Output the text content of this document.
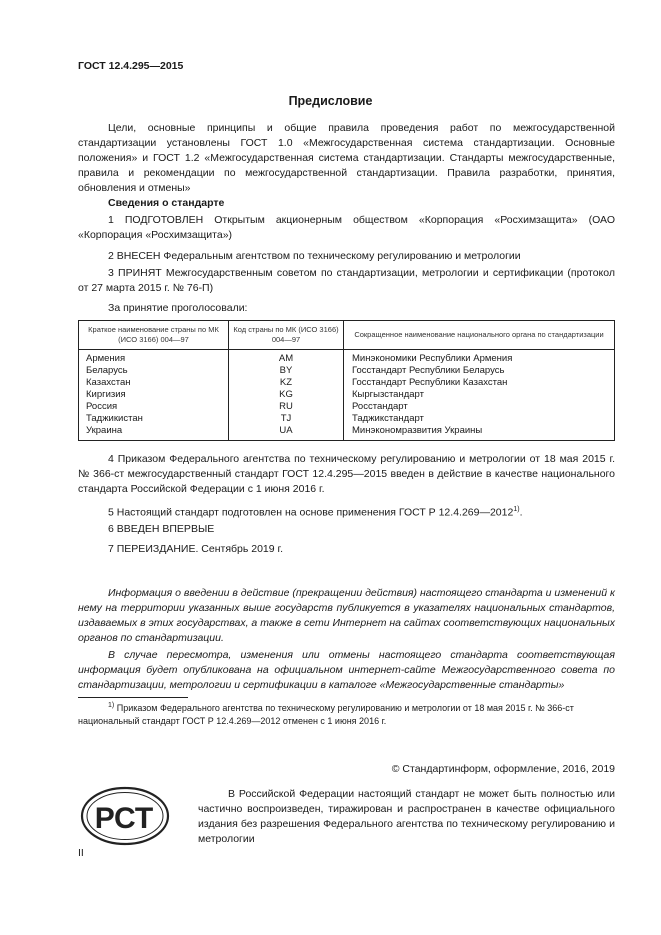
ГОСТ 12.4.295—2015
Предисловие
Цели, основные принципы и общие правила проведения работ по межгосударственной стандартизации установлены ГОСТ 1.0 «Межгосударственная система стандартизации. Основные положения» и ГОСТ 1.2 «Межгосударственная система стандартизации. Стандарты межгосударственные, правила и рекомендации по межгосударственной стандартизации. Правила разработки, принятия, обновления и отмены»
Сведения о стандарте
1 ПОДГОТОВЛЕН Открытым акционерным обществом «Корпорация «Росхимзащита» (ОАО «Корпорация «Росхимзащита»)
2 ВНЕСЕН Федеральным агентством по техническому регулированию и метрологии
3 ПРИНЯТ Межгосударственным советом по стандартизации, метрологии и сертификации (протокол от 27 марта 2015 г. № 76-П)
За принятие проголосовали:
Краткое наименование страны по МК (ИСО 3166) 004—97	Код страны по МК (ИСО 3166) 004—97	Сокращенное наименование национального органа по стандартизации
Армения	AM	Минэкономики Республики Армения
Беларусь	BY	Госстандарт Республики Беларусь
Казахстан	KZ	Госстандарт Республики Казахстан
Киргизия	KG	Кыргызстандарт
Россия	RU	Росстандарт
Таджикистан	TJ	Таджикстандарт
Украина	UA	Минэкономразвития Украины
4 Приказом Федерального агентства по техническому регулированию и метрологии от 18 мая 2015 г. № 366-ст межгосударственный стандарт ГОСТ 12.4.295—2015 введен в действие в качестве национального стандарта Российской Федерации с 1 июня 2016 г.
5 Настоящий стандарт подготовлен на основе применения ГОСТ Р 12.4.269—2012$^{1)}$.
6 ВВЕДЕН ВПЕРВЫЕ
7 ПЕРЕИЗДАНИЕ. Сентябрь 2019 г.
Информация о введении в действие (прекращении действия) настоящего стандарта и изменений к нему на территории указанных выше государств публикуется в указателях национальных стандартов, издаваемых в этих государствах, а также в сети Интернет на сайтах соответствующих национальных органов по стандартизации.
В случае пересмотра, изменения или отмены настоящего стандарта соответствующая информация будет опубликована на официальном интернет-сайте Межгосударственного совета по стандартизации, метрологии и сертификации в каталоге «Межгосударственные стандарты»
$^{1)}$ Приказом Федерального агентства по техническому регулированию и метрологии от 18 мая 2015 г. № 366-ст национальный стандарт ГОСТ Р 12.4.269—2012 отменен с 1 июня 2016 г.
© Стандартинформ, оформление, 2016, 2019
РСТ
В Российской Федерации настоящий стандарт не может быть полностью или частично воспроизведен, тиражирован и распространен в качестве официального издания без разрешения Федерального агентства по техническому регулированию и метрологии
II
